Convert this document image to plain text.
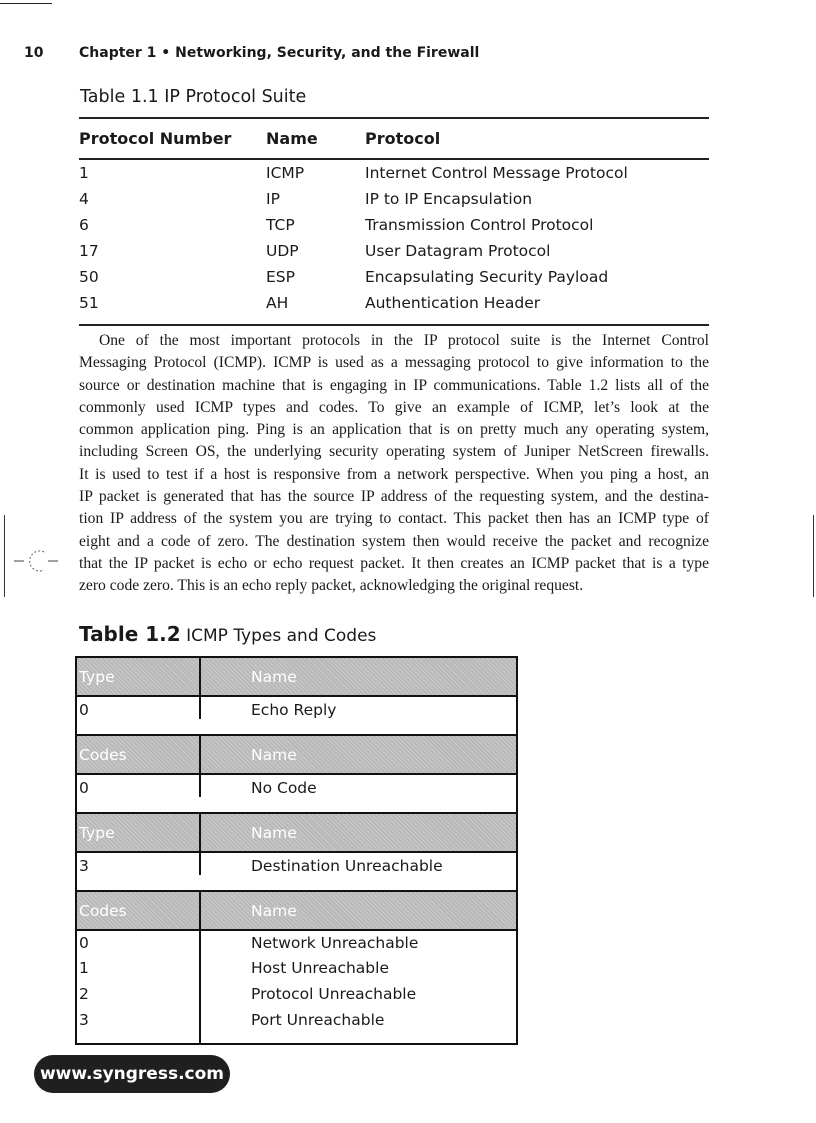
10	Chapter 1 • Networking, Security, and the Firewall
Table 1.1 IP Protocol Suite
Protocol Number	Name	Protocol
1	ICMP	Internet Control Message Protocol
4	IP	IP to IP Encapsulation
6	TCP	Transmission Control Protocol
17	UDP	User Datagram Protocol
50	ESP	Encapsulating Security Payload
51	AH	Authentication Header
One of the most important protocols in the IP protocol suite is the Internet Control
Messaging Protocol (ICMP). ICMP is used as a messaging protocol to give information to the
source or destination machine that is engaging in IP communications. Table 1.2 lists all of the
commonly used ICMP types and codes. To give an example of ICMP, let’s look at the
common application ping. Ping is an application that is on pretty much any operating system,
including Screen OS, the underlying security operating system of Juniper NetScreen firewalls.
It is used to test if a host is responsive from a network perspective. When you ping a host, an
IP packet is generated that has the source IP address of the requesting system, and the destina-
tion IP address of the system you are trying to contact. This packet then has an ICMP type of
eight and a code of zero. The destination system then would receive the packet and recognize
that the IP packet is echo or echo request packet. It then creates an ICMP packet that is a type
zero code zero. This is an echo reply packet, acknowledging the original request.
Table 1.2 ICMP Types and Codes
Type	Name
0	Echo Reply
Codes	Name
0	No Code
Type	Name
3	Destination Unreachable
Codes	Name
0	Network Unreachable
1	Host Unreachable
2	Protocol Unreachable
3	Port Unreachable
www.syngress.com
